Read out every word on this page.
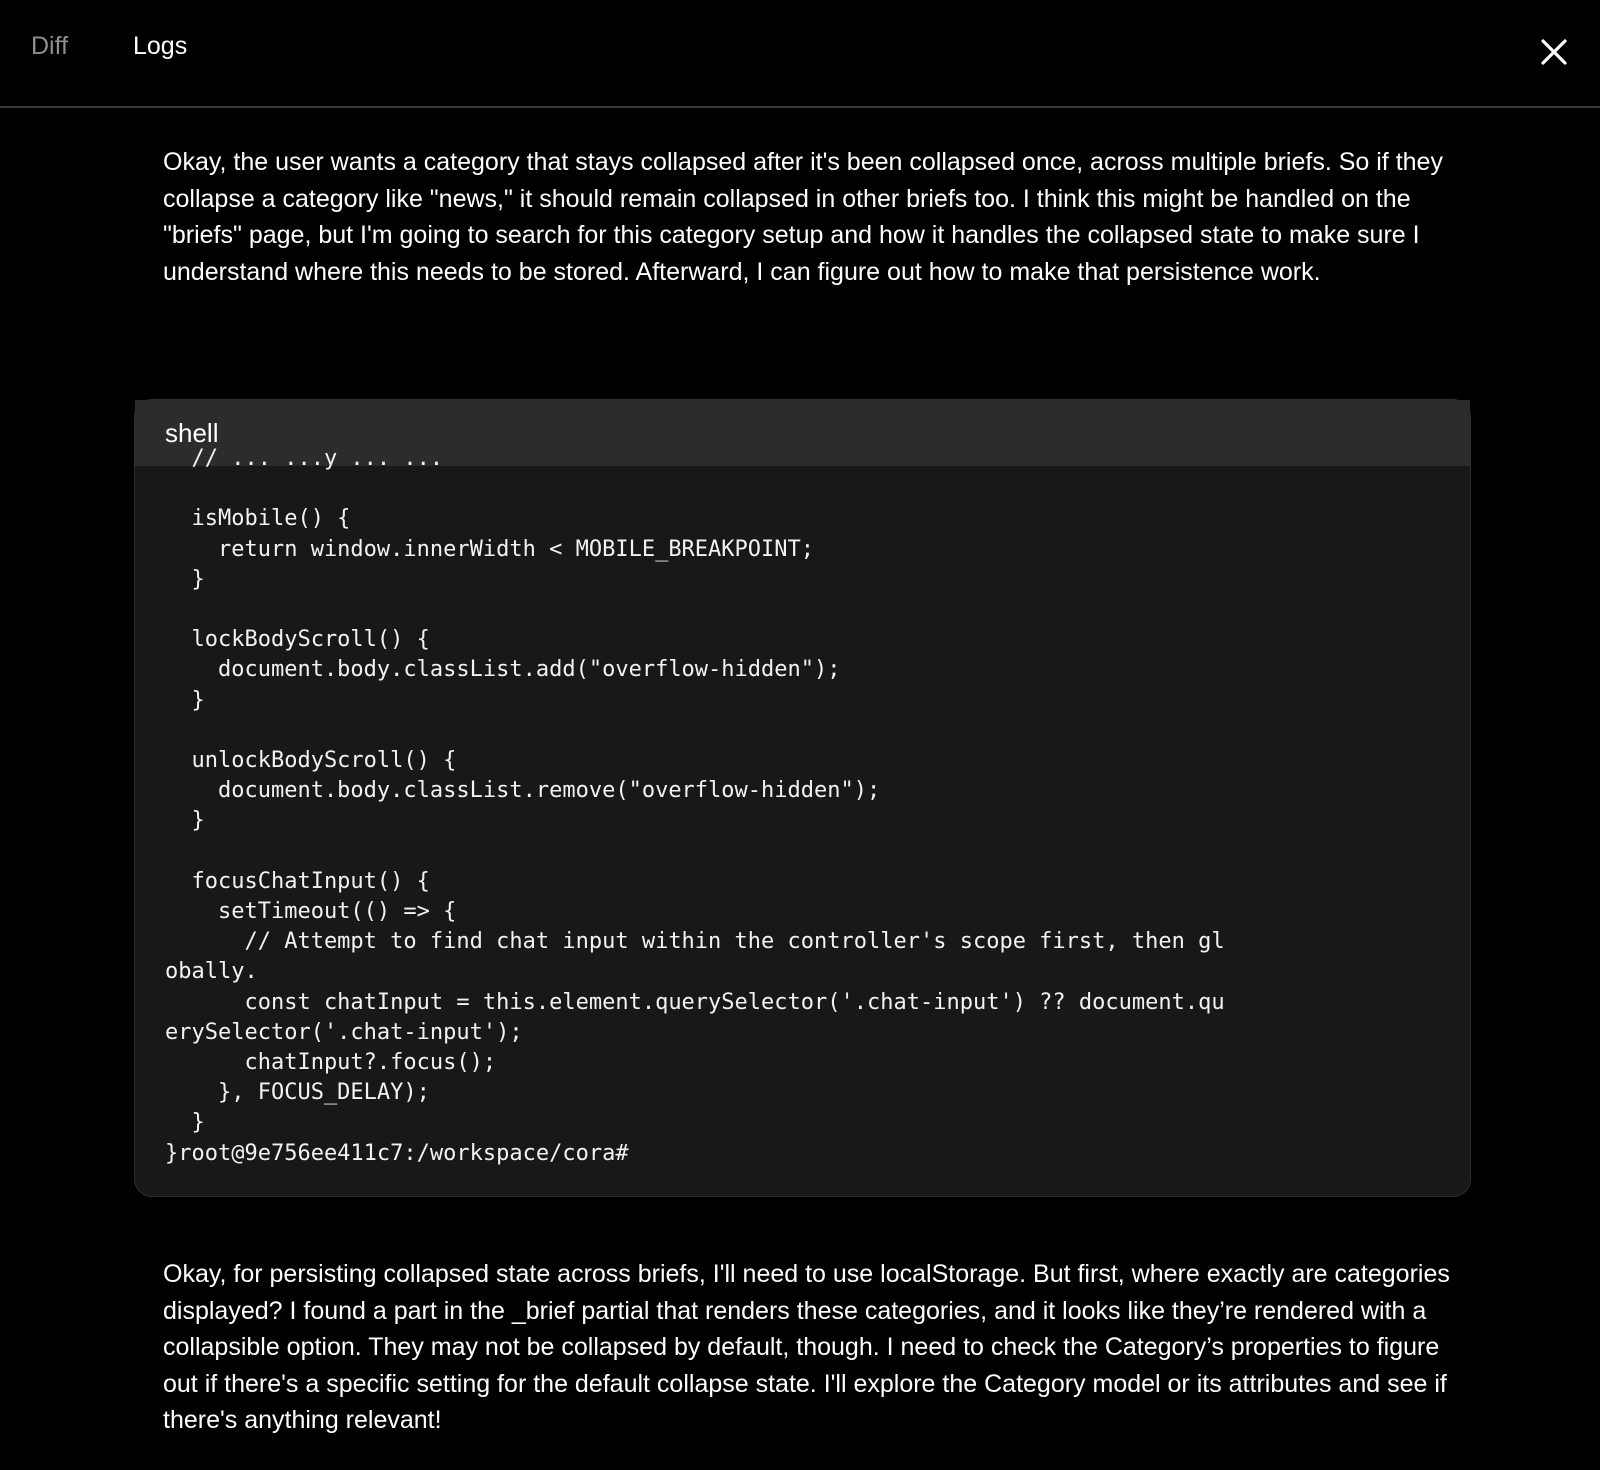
Diff	Logs

Okay, the user wants a category that stays collapsed after it's been collapsed once, across multiple briefs. So if they collapse a category like "news," it should remain collapsed in other briefs too. I think this might be handled on the "briefs" page, but I'm going to search for this category setup and how it handles the collapsed state to make sure I understand where this needs to be stored. Afterward, I can figure out how to make that persistence work.

shell
// ... ...y ... ...

isMobile() {
return window.innerWidth < MOBILE_BREAKPOINT;
}

lockBodyScroll() {
document.body.classList.add("overflow-hidden");
}

unlockBodyScroll() {
document.body.classList.remove("overflow-hidden");
}

focusChatInput() {
setTimeout(() => {
// Attempt to find chat input within the controller's scope first, then gl
obally.
const chatInput = this.element.querySelector('.chat-input') ?? document.qu
erySelector('.chat-input');
chatInput?.focus();
}, FOCUS_DELAY);
}
}root@9e756ee411c7:/workspace/cora#

Okay, for persisting collapsed state across briefs, I'll need to use localStorage. But first, where exactly are categories displayed? I found a part in the _brief partial that renders these categories, and it looks like they’re rendered with a collapsible option. They may not be collapsed by default, though. I need to check the Category’s properties to figure out if there's a specific setting for the default collapse state. I'll explore the Category model or its attributes and see if there's anything relevant!
